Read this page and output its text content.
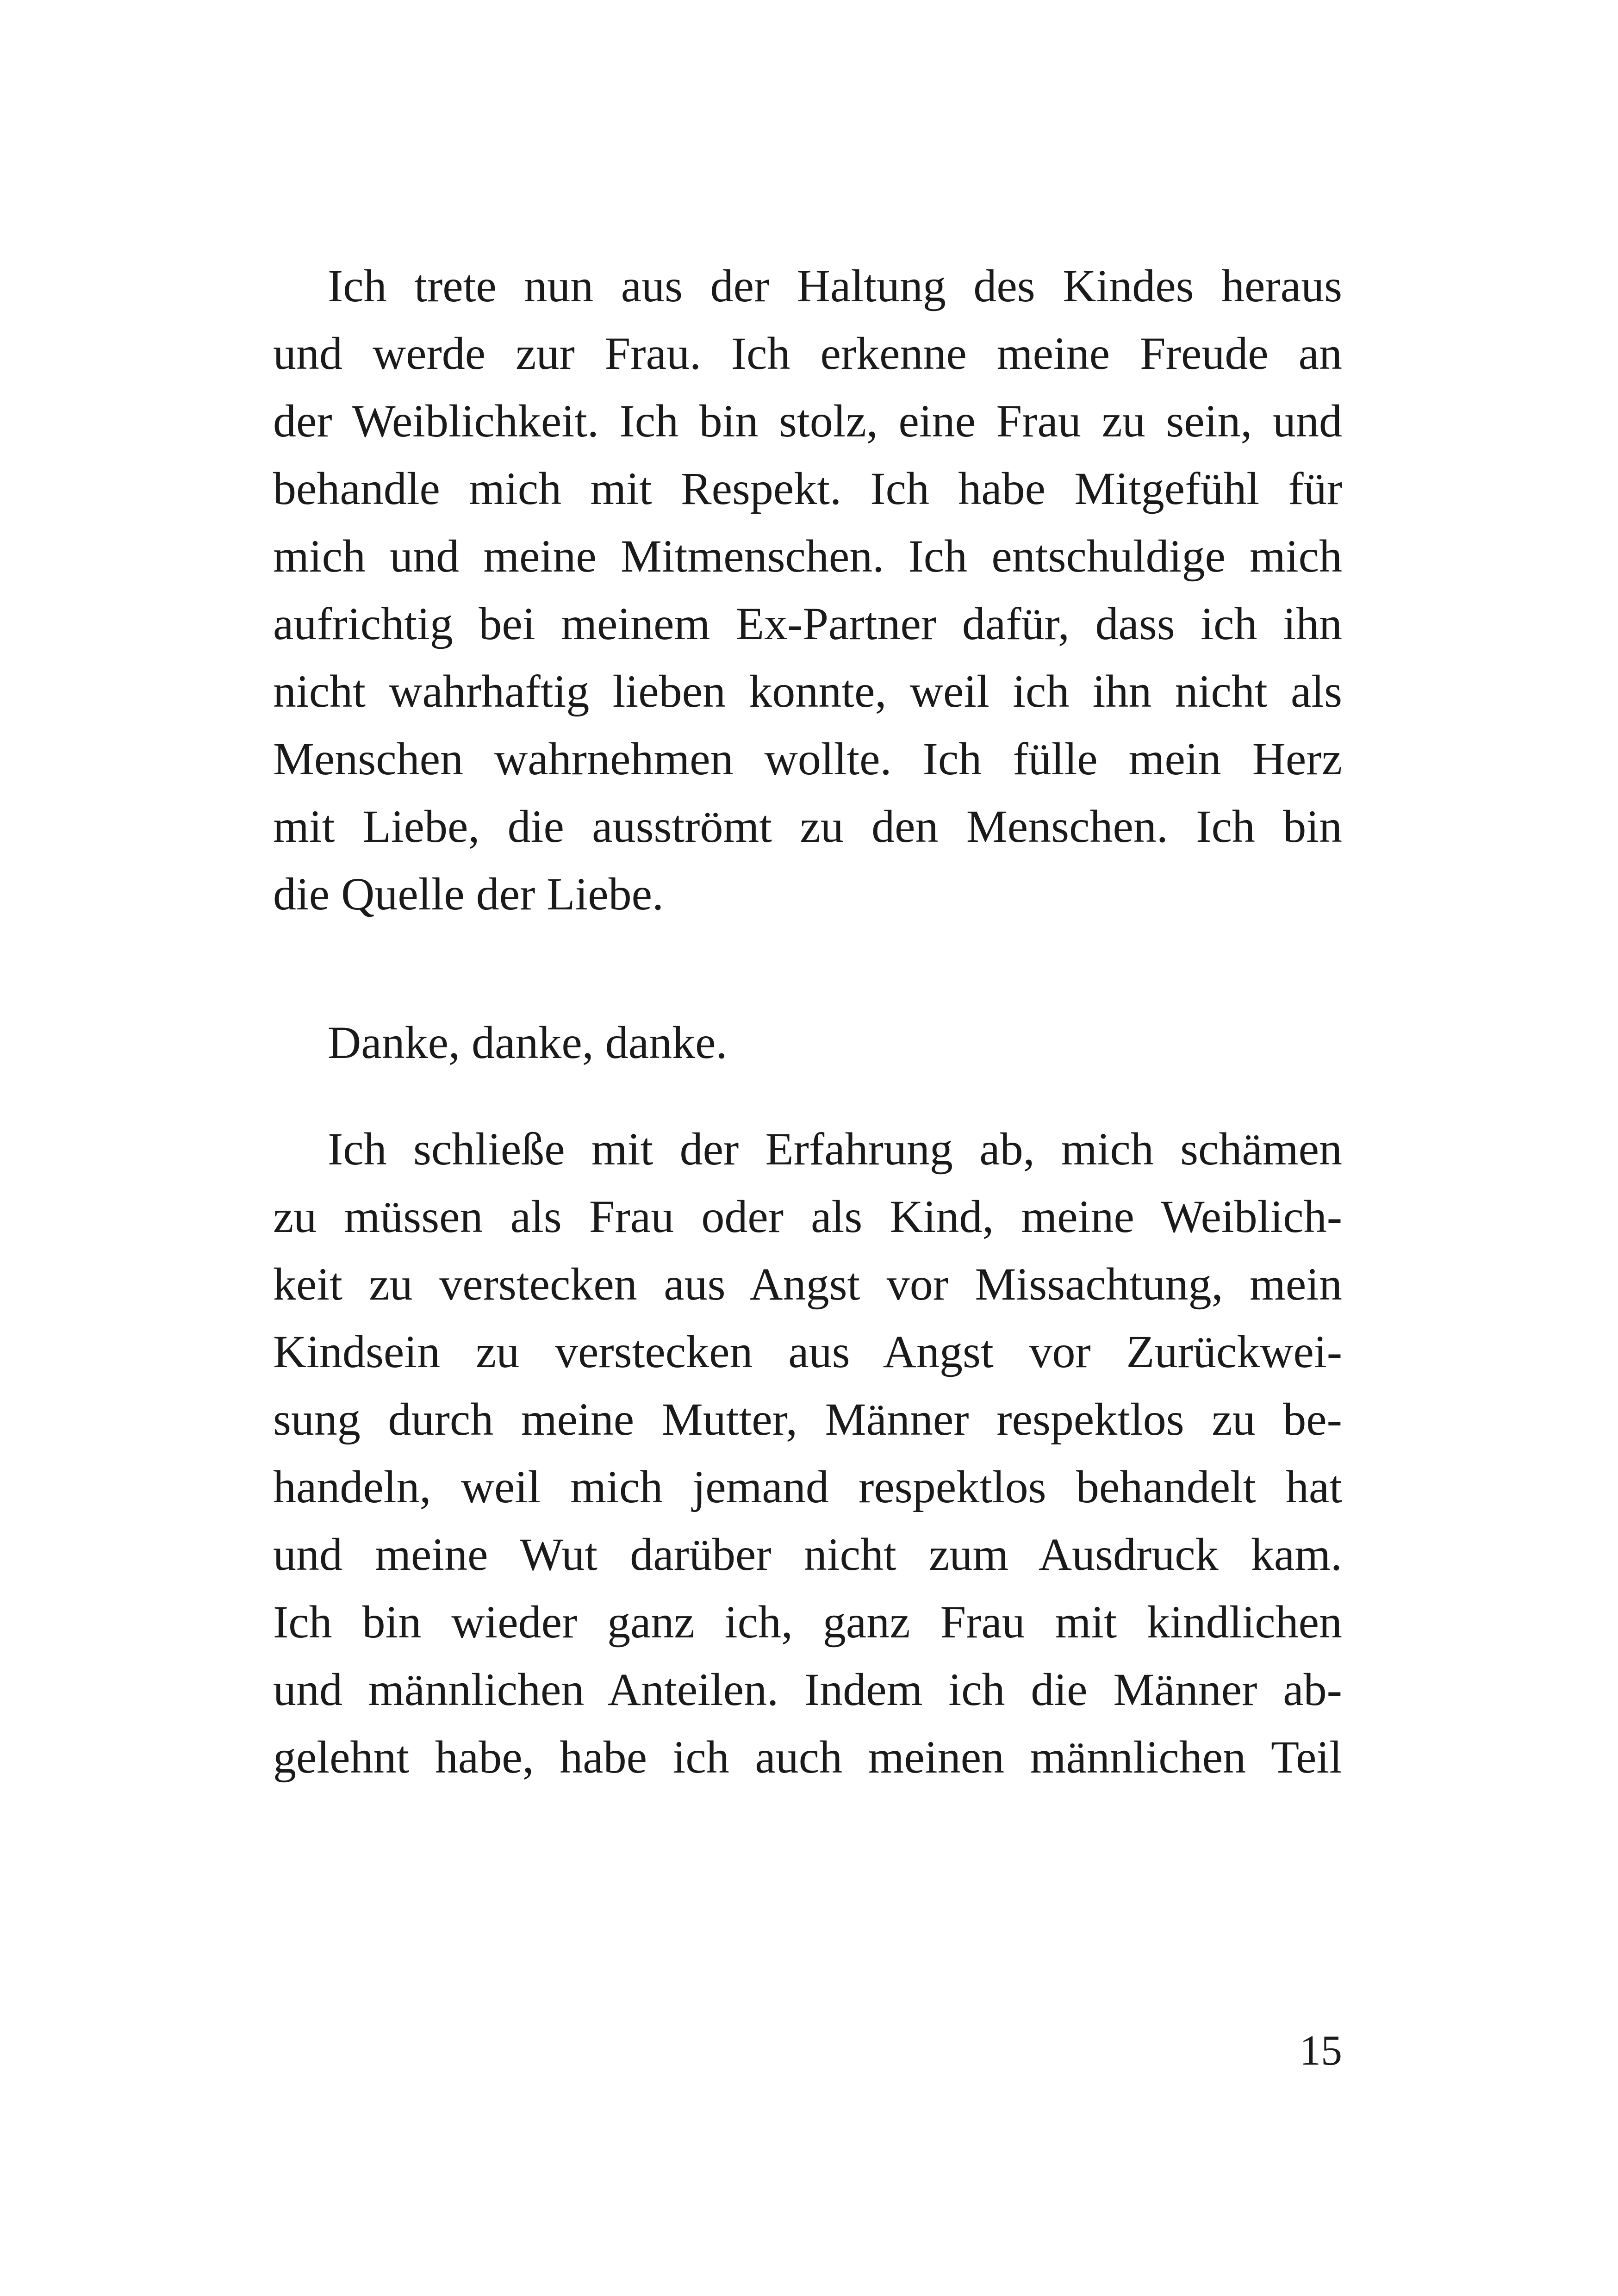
Ich trete nun aus der Haltung des Kindes heraus
und werde zur Frau. Ich erkenne meine Freude an
der Weiblichkeit. Ich bin stolz, eine Frau zu sein, und
behandle mich mit Respekt. Ich habe Mitgefühl für
mich und meine Mitmenschen. Ich entschuldige mich
aufrichtig bei meinem Ex-Partner dafür, dass ich ihn
nicht wahrhaftig lieben konnte, weil ich ihn nicht als
Menschen wahrnehmen wollte. Ich fülle mein Herz
mit Liebe, die ausströmt zu den Menschen. Ich bin
die Quelle der Liebe.
Danke, danke, danke.
Ich schließe mit der Erfahrung ab, mich schämen
zu müssen als Frau oder als Kind, meine Weiblich-
keit zu verstecken aus Angst vor Missachtung, mein
Kindsein zu verstecken aus Angst vor Zurückwei-
sung durch meine Mutter, Männer respektlos zu be-
handeln, weil mich jemand respektlos behandelt hat
und meine Wut darüber nicht zum Ausdruck kam.
Ich bin wieder ganz ich, ganz Frau mit kindlichen
und männlichen Anteilen. Indem ich die Männer ab-
gelehnt habe, habe ich auch meinen männlichen Teil
15
